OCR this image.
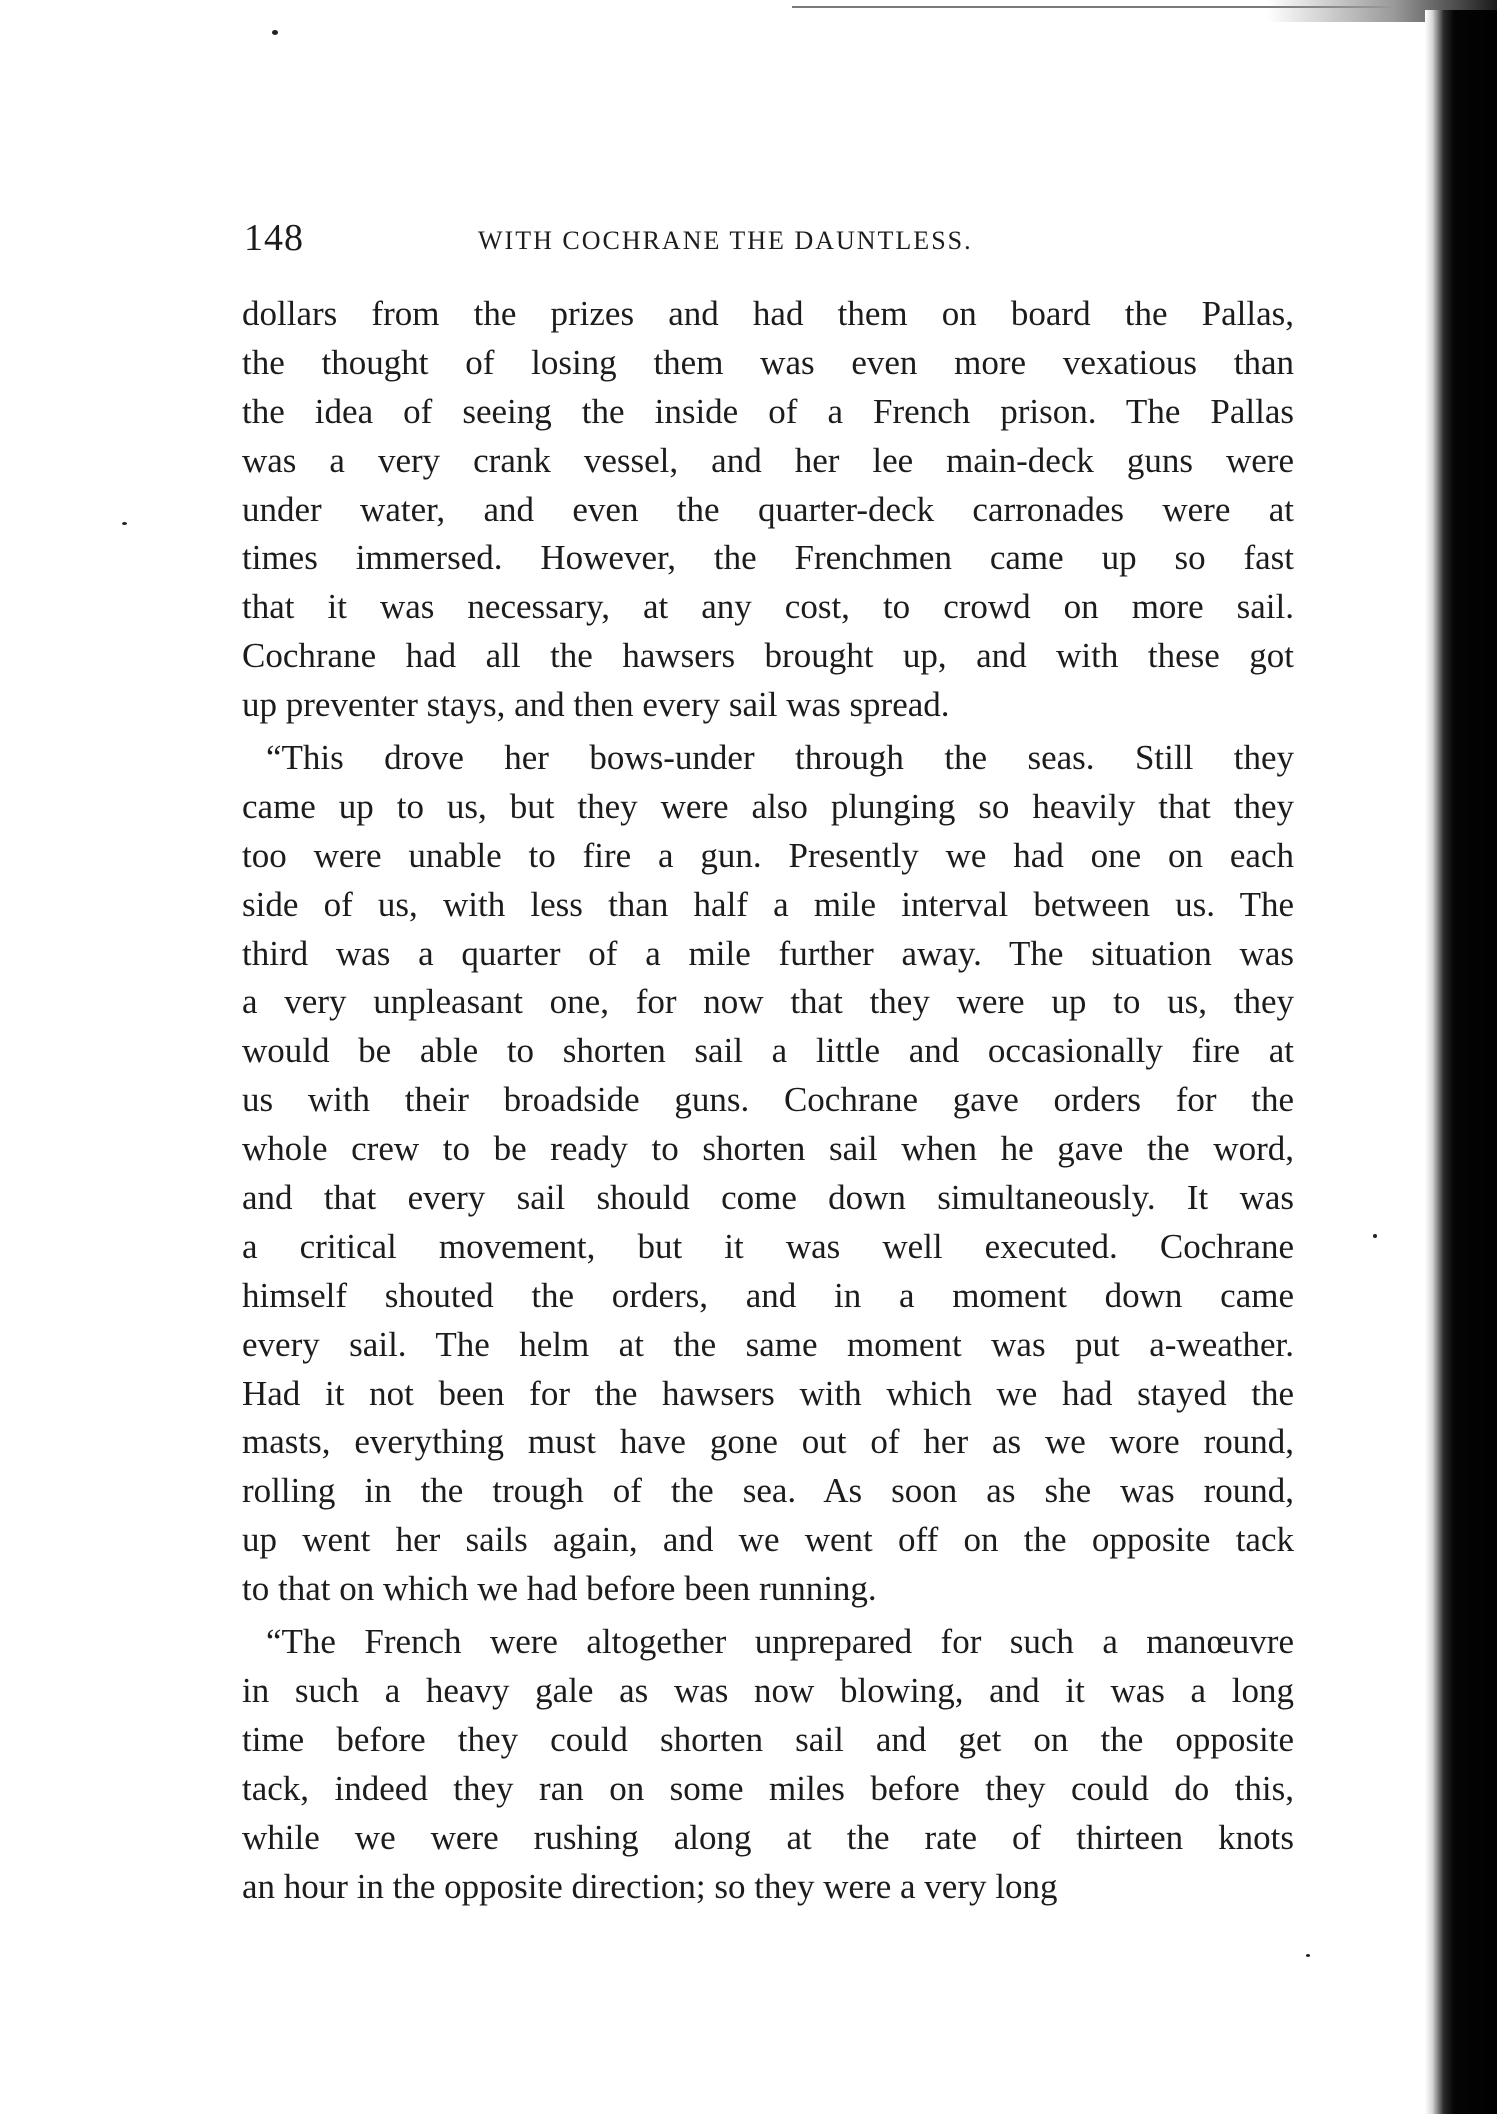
148	WITH COCHRANE THE DAUNTLESS.
dollars from the prizes and had them on board the Pallas,
the thought of losing them was even more vexatious than
the idea of seeing the inside of a French prison. The Pallas
was a very crank vessel, and her lee main-deck guns were
under water, and even the quarter-deck carronades were at
times immersed. However, the Frenchmen came up so fast
that it was necessary, at any cost, to crowd on more sail.
Cochrane had all the hawsers brought up, and with these got
up preventer stays, and then every sail was spread.
“This drove her bows-under through the seas. Still they
came up to us, but they were also plunging so heavily that they
too were unable to fire a gun. Presently we had one on each
side of us, with less than half a mile interval between us. The
third was a quarter of a mile further away. The situation was
a very unpleasant one, for now that they were up to us, they
would be able to shorten sail a little and occasionally fire at
us with their broadside guns. Cochrane gave orders for the
whole crew to be ready to shorten sail when he gave the word,
and that every sail should come down simultaneously. It was
a critical movement, but it was well executed. Cochrane
himself shouted the orders, and in a moment down came
every sail. The helm at the same moment was put a-weather.
Had it not been for the hawsers with which we had stayed the
masts, everything must have gone out of her as we wore round,
rolling in the trough of the sea. As soon as she was round,
up went her sails again, and we went off on the opposite tack
to that on which we had before been running.
“The French were altogether unprepared for such a manœuvre
in such a heavy gale as was now blowing, and it was a long
time before they could shorten sail and get on the opposite
tack, indeed they ran on some miles before they could do this,
while we were rushing along at the rate of thirteen knots
an hour in the opposite direction; so they were a very long
